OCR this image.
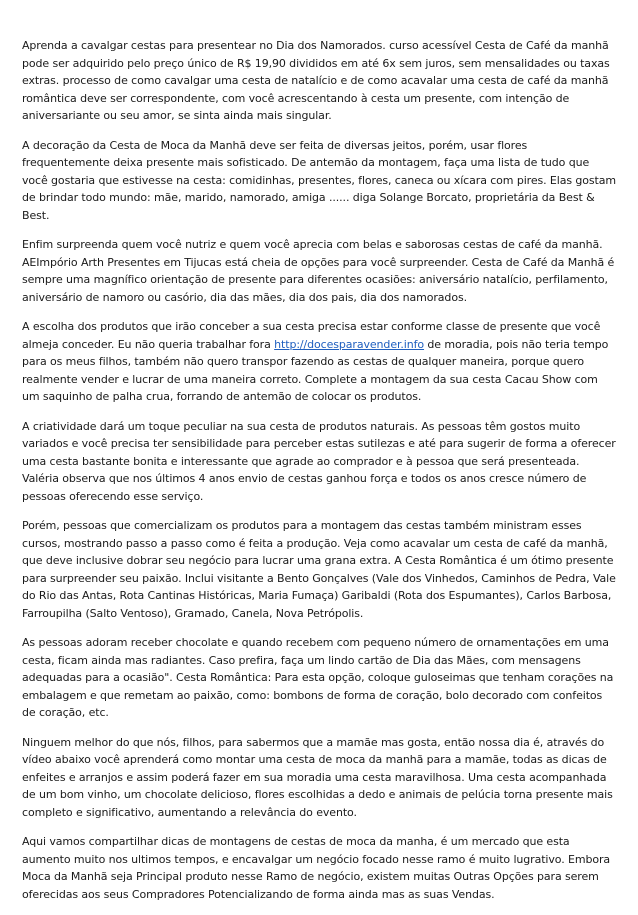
Aprenda a cavalgar cestas para presentear no Dia dos Namorados. curso acessível Cesta de Café da manhã pode ser adquirido pelo preço único de R$ 19,90 divididos em até 6x sem juros, sem mensalidades ou taxas extras. processo de como cavalgar uma cesta de natalício e de como acavalar uma cesta de café da manhã romântica deve ser correspondente, com você acrescentando à cesta um presente, com intenção de aniversariante ou seu amor, se sinta ainda mais singular.

A decoração da Cesta de Moca da Manhã deve ser feita de diversas jeitos, porém, usar flores frequentemente deixa presente mais sofisticado. De antemão da montagem, faça uma lista de tudo que você gostaria que estivesse na cesta: comidinhas, presentes, flores, caneca ou xícara com pires. Elas gostam de brindar todo mundo: mãe, marido, namorado, amiga ...... diga Solange Borcato, proprietária da Best & Best.

Enfim surpreenda quem você nutriz e quem você aprecia com belas e saborosas cestas de café da manhã. AEImpório Arth Presentes em Tijucas está cheia de opções para você surpreender. Cesta de Café da Manhã é sempre uma magnífico orientação de presente para diferentes ocasiões: aniversário natalício, perfilamento, aniversário de namoro ou casório, dia das mães, dia dos pais, dia dos namorados.

A escolha dos produtos que irão conceber a sua cesta precisa estar conforme classe de presente que você almeja conceder. Eu não queria trabalhar fora http://docesparavender.info de moradia, pois não teria tempo para os meus filhos, também não quero transpor fazendo as cestas de qualquer maneira, porque quero realmente vender e lucrar de uma maneira correto. Complete a montagem da sua cesta Cacau Show com um saquinho de palha crua, forrando de antemão de colocar os produtos.

A criatividade dará um toque peculiar na sua cesta de produtos naturais. As pessoas têm gostos muito variados e você precisa ter sensibilidade para perceber estas sutilezas e até para sugerir de forma a oferecer uma cesta bastante bonita e interessante que agrade ao comprador e à pessoa que será presenteada. Valéria observa que nos últimos 4 anos envio de cestas ganhou força e todos os anos cresce número de pessoas oferecendo esse serviço.

Porém, pessoas que comercializam os produtos para a montagem das cestas também ministram esses cursos, mostrando passo a passo como é feita a produção. Veja como acavalar um cesta de café da manhã, que deve inclusive dobrar seu negócio para lucrar uma grana extra. A Cesta Romântica é um ótimo presente para surpreender seu paixão. Inclui visitante a Bento Gonçalves (Vale dos Vinhedos, Caminhos de Pedra, Vale do Rio das Antas, Rota Cantinas Históricas, Maria Fumaça) Garibaldi (Rota dos Espumantes), Carlos Barbosa, Farroupilha (Salto Ventoso), Gramado, Canela, Nova Petrópolis.

As pessoas adoram receber chocolate e quando recebem com pequeno número de ornamentações em uma cesta, ficam ainda mas radiantes. Caso prefira, faça um lindo cartão de Dia das Mães, com mensagens adequadas para a ocasião". Cesta Romântica: Para esta opção, coloque guloseimas que tenham corações na embalagem e que remetam ao paixão, como: bombons de forma de coração, bolo decorado com confeitos de coração, etc.

Ninguem melhor do que nós, filhos, para sabermos que a mamãe mas gosta, então nossa dia é, através do vídeo abaixo você aprenderá como montar uma cesta de moca da manhã para a mamãe, todas as dicas de enfeites e arranjos e assim poderá fazer em sua moradia uma cesta maravilhosa. Uma cesta acompanhada de um bom vinho, um chocolate delicioso, flores escolhidas a dedo e animais de pelúcia torna presente mais completo e significativo, aumentando a relevância do evento.

Aqui vamos compartilhar dicas de montagens de cestas de moca da manha, é um mercado que esta aumento muito nos ultimos tempos, e encavalgar um negócio focado nesse ramo é muito lugrativo. Embora Moca da Manhã seja Principal produto nesse Ramo de negócio, existem muitas Outras Opções para serem oferecidas aos seus Compradores Potencializando de forma ainda mas as suas Vendas.
